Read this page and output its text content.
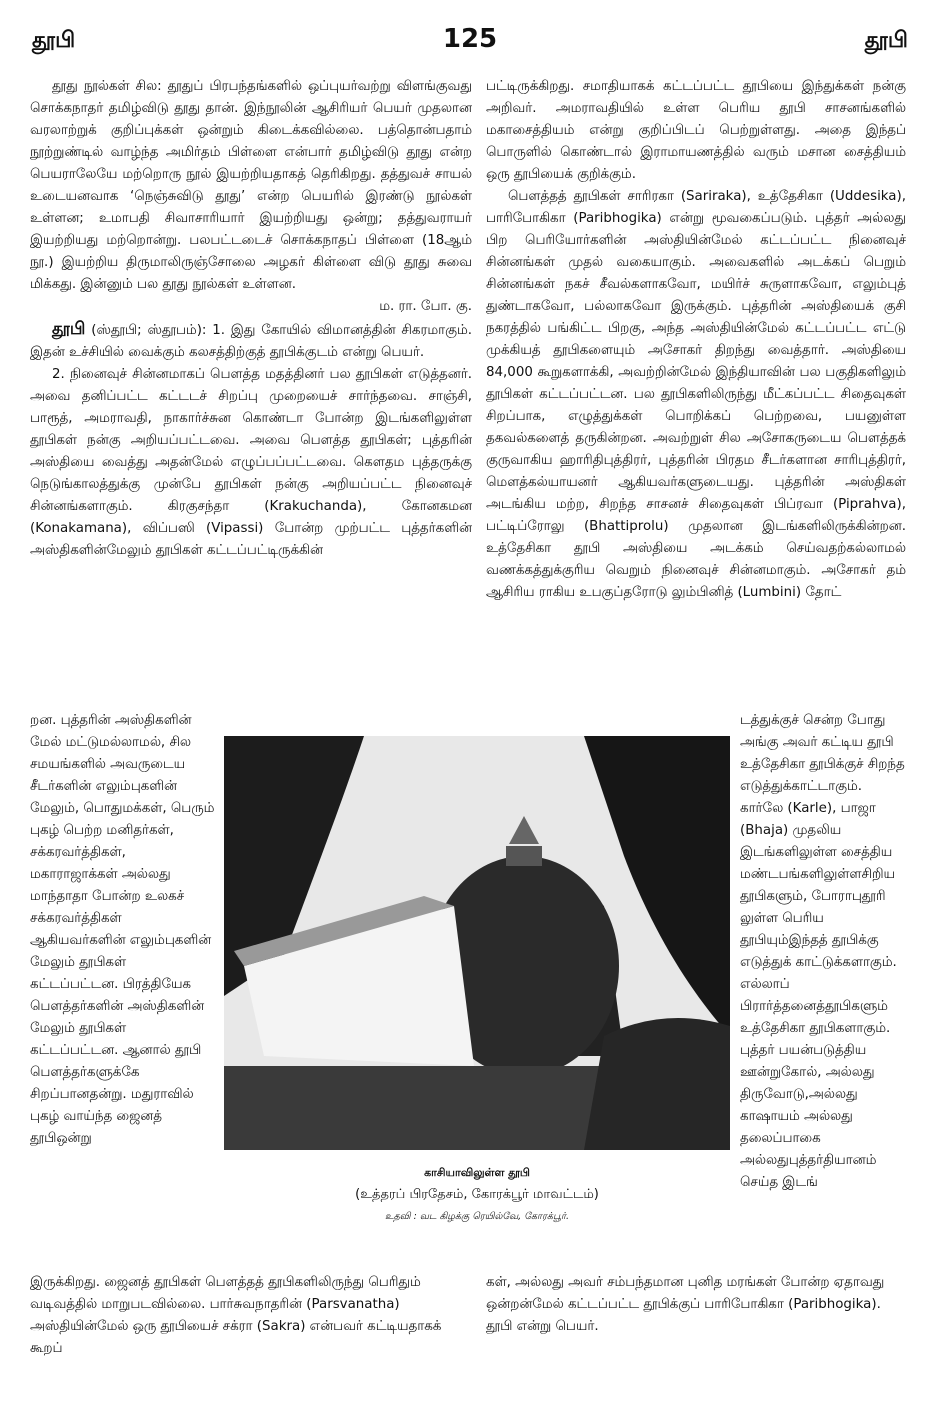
தூபி	125	தூபி

தூது நூல்கள் சில: தூதுப் பிரபந்தங்களில் ஒப்புயர்வற்று விளங்குவது சொக்கநாதர் தமிழ்விடு தூது தான். இந்நூலின் ஆசிரியர் பெயர் முதலான வரலாற்றுக் குறிப்புக்கள் ஒன்றும் கிடைக்கவில்லை. பத்தொன்பதாம் நூற்றுண்டில் வாழ்ந்த அமிர்தம் பிள்ளை என்பார் தமிழ்விடு தூது என்ற பெயராலேயே மற்றொரு நூல் இயற்றியதாகத் தெரிகிறது. தத்துவச் சாயல் உடையனவாக ‘நெஞ்சுவிடு தூது’ என்ற பெயரில் இரண்டு நூல்கள் உள்ளன; உமாபதி சிவாசாரியார் இயற்றியது ஒன்று; தத்துவராயர் இயற்றியது மற்றொன்று. பலபட்டடைச் சொக்கநாதப் பிள்ளை (18ஆம் நூ.) இயற்றிய திருமாலிருஞ்சோலை அழகர் கிள்ளை விடு தூது சுவை மிக்கது. இன்னும் பல தூது நூல்கள் உள்ளன.

ம. ரா. போ. கு.

தூபி (ஸ்தூபி; ஸ்தூபம்): 1. இது கோயில் விமானத்தின் சிகரமாகும். இதன் உச்சியில் வைக்கும் கலசத்திற்குத் தூபிக்குடம் என்று பெயர்.

2. நினைவுச் சின்னமாகப் பௌத்த மதத்தினர் பல தூபிகள் எடுத்தனர். அவை தனிப்பட்ட கட்டடச் சிறப்பு முறையைச் சார்ந்தவை. சாஞ்சி, பாரூத், அமராவதி, நாகார்ச்சுன கொண்டா போன்ற இடங்களிலுள்ள தூபிகள் நன்கு அறியப்பட்டவை. அவை பௌத்த தூபிகள்; புத்தரின் அஸ்தியை வைத்து அதன்மேல் எழுப்பப்பட்டவை. கௌதம புத்தருக்கு நெடுங்காலத்துக்கு முன்பே தூபிகள் நன்கு அறியப்பட்ட நினைவுச் சின்னங்களாகும். கிரகுசந்தா (Krakuchanda), கோனகமன (Konakamana), விப்பஸி (Vipassi) போன்ற முற்பட்ட புத்தர்களின் அஸ்திகளின்மேலும் தூபிகள் கட்டப்பட்டிருக்கின்

பட்டிருக்கிறது. சமாதியாகக் கட்டப்பட்ட தூபியை இந்துக்கள் நன்கு அறிவர். அமராவதியில் உள்ள பெரிய தூபி சாசனங்களில் மகாசைத்தியம் என்று குறிப்பிடப் பெற்றுள்ளது. அதை இந்தப் பொருளில் கொண்டால் இராமாயணத்தில் வரும் மசான சைத்தியம் ஒரு தூபியைக் குறிக்கும்.

பௌத்தத் தூபிகள் சாரிரகா (Sariraka), உத்தேசிகா (Uddesika), பாரிபோகிகா (Paribhogika) என்று மூவகைப்படும். புத்தர் அல்லது பிற பெரியோர்களின் அஸ்தியின்மேல் கட்டப்பட்ட நினைவுச் சின்னங்கள் முதல் வகையாகும். அவைகளில் அடக்கப் பெறும் சின்னங்கள் நகச் சீவல்களாகவோ, மயிர்ச் சுருளாகவோ, எலும்புத் துண்டாகவோ, பல்லாகவோ இருக்கும். புத்தரின் அஸ்தியைக் குசி நகரத்தில் பங்கிட்ட பிறகு, அந்த அஸ்தியின்மேல் கட்டப்பட்ட எட்டு முக்கியத் தூபிகளையும் அசோகர் திறந்து வைத்தார். அஸ்தியை 84,000 கூறுகளாக்கி, அவற்றின்மேல் இந்தியாவின் பல பகுதிகளிலும் தூபிகள் கட்டப்பட்டன. பல தூபிகளிலிருந்து மீட்கப்பட்ட சிதைவுகள் சிறப்பாக, எழுத்துக்கள் பொறிக்கப் பெற்றவை, பயனுள்ள தகவல்களைத் தருகின்றன. அவற்றுள் சில அசோகருடைய பௌத்தக் குருவாகிய ஹாரிதிபுத்திரர், புத்தரின் பிரதம சீடர்களான சாரிபுத்திரர், மௌத்கல்யாயனர் ஆகியவர்களுடையது. புத்தரின் அஸ்திகள் அடங்கிய மற்ற, சிறந்த சாசனச் சிதைவுகள் பிப்ரவா (Piprahva), பட்டிப்ரோலு (Bhattiprolu) முதலான இடங்களிலிருக்கின்றன. உத்தேசிகா தூபி அஸ்தியை அடக்கம் செய்வதற்கல்லாமல் வணக்கத்துக்குரிய வெறும் நினைவுச் சின்னமாகும். அசோகர் தம் ஆசிரிய ராகிய உபகுப்தரோடு லும்பினித் (Lumbini) தோட்

றன. புத்தரின் அஸ்திகளின் மேல் மட்டுமல்லாமல், சில சமயங்களில் அவருடைய சீடர்களின் எலும்புகளின் மேலும், பொதுமக்கள், பெரும் புகழ் பெற்ற மனிதர்கள், சக்கரவர்த்திகள், மகாராஜாக்கள் அல்லது மாந்தாதா போன்ற உலகச் சக்கரவர்த்திகள் ஆகியவர்களின் எலும்புகளின் மேலும் தூபிகள் கட்டப்பட்டன. பிரத்தியேக பௌத்தர்களின் அஸ்திகளின் மேலும் தூபிகள் கட்டப்பட்டன. ஆனால் தூபி பௌத்தர்களுக்கே சிறப்பானதன்று. மதுராவில் புகழ் வாய்ந்த ஜைனத் தூபிஒன்று
டத்துக்குச் சென்ற போது அங்கு அவர் கட்டிய தூபி உத்தேசிகா தூபிக்குச் சிறந்த எடுத்துக்காட்டாகும். கார்லே (Karle), பாஜா (Bhaja) முதலிய இடங்களிலுள்ள சைத்திய மண்டபங்களிலுள்ளசிறிய தூபிகளும், போராபுதூரி லுள்ள பெரிய தூபியும்இந்தத் தூபிக்கு எடுத்துக் காட்டுக்களாகும். எல்லாப் பிரார்த்தனைத்தூபிகளும் உத்தேசிகா தூபிகளாகும். புத்தர் பயன்படுத்திய ஊன்றுகோல், அல்லது திருவோடு,அல்லது காஷாயம் அல்லது தலைப்பாகை அல்லதுபுத்தர்தியானம் செய்த இடங்
காசியாவிலுள்ள தூபி
(உத்தரப் பிரதேசம், கோரக்பூர் மாவட்டம்)
உதவி : வட கிழக்கு ரெயில்வே, கோரக்பூர்.
இருக்கிறது. ஜைனத் தூபிகள் பௌத்தத் தூபிகளிலிருந்து பெரிதும் வடிவத்தில் மாறுபடவில்லை. பார்சுவநாதரின் (Parsvanatha) அஸ்தியின்மேல் ஒரு தூபியைச் சக்ரா (Sakra) என்பவர் கட்டியதாகக் கூறப்
கள், அல்லது அவர் சம்பந்தமான புனித மரங்கள் போன்ற ஏதாவது ஒன்றன்மேல் கட்டப்பட்ட தூபிக்குப் பாரிபோகிகா (Paribhogika). தூபி என்று பெயர்.
